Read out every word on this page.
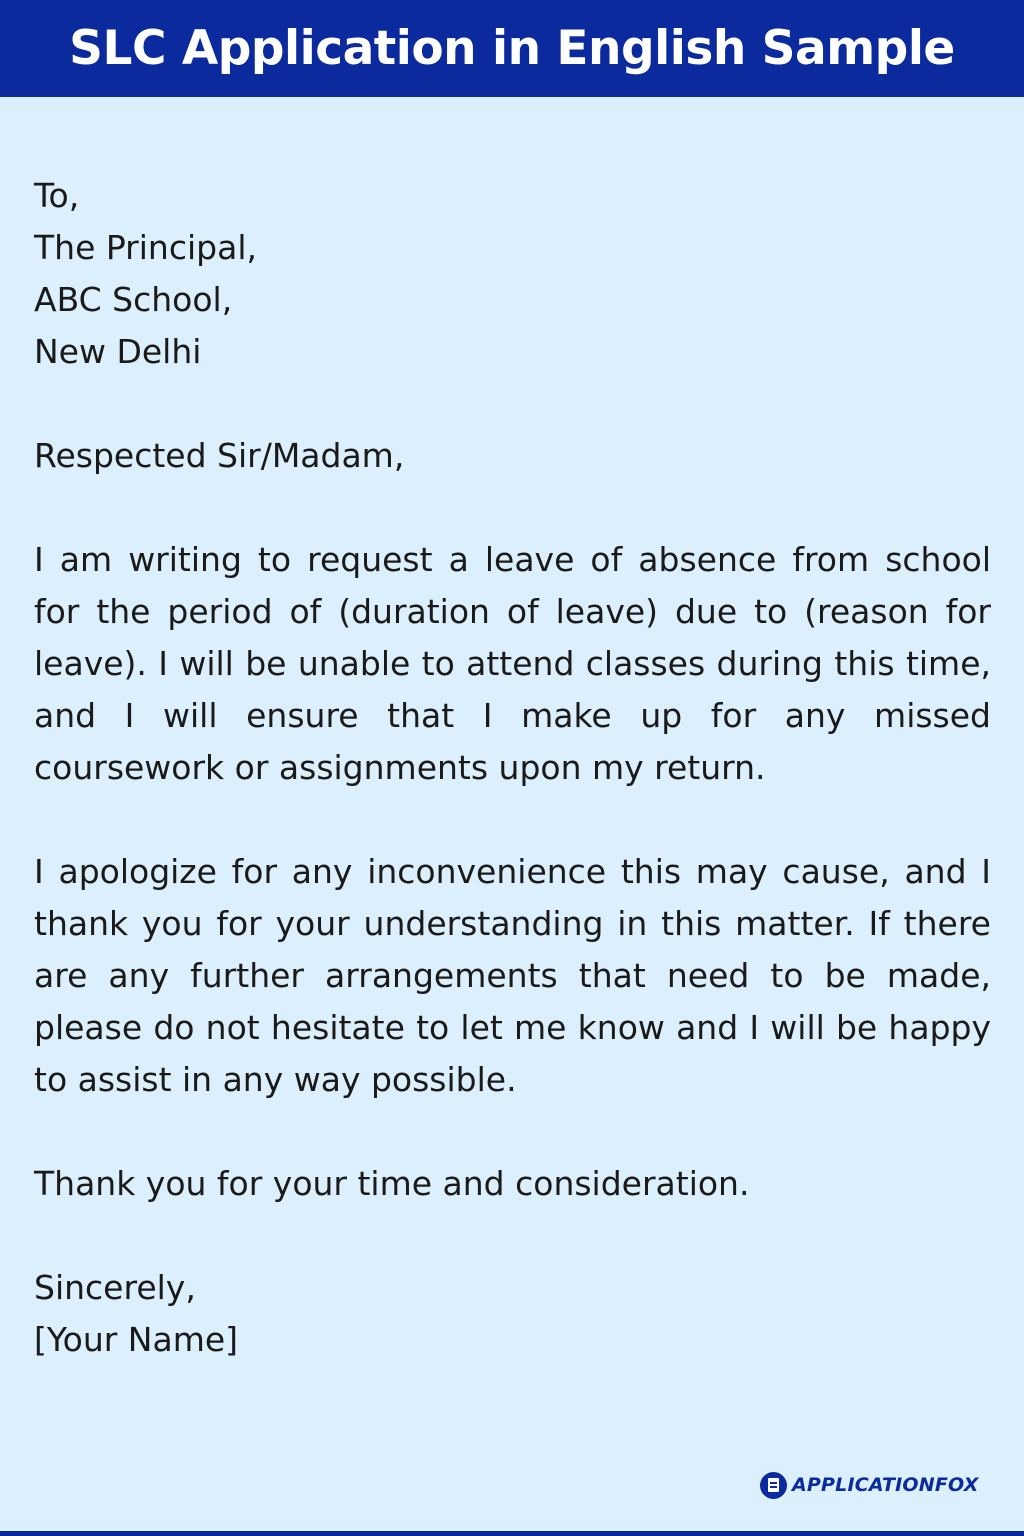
SLC Application in English Sample
To,
The Principal,
ABC School,
New Delhi

Respected Sir/Madam,

I am writing to request a leave of absence from school for the period of (duration of leave) due to (reason for leave). I will be unable to attend classes during this time, and I will ensure that I make up for any missed coursework or assignments upon my return.

I apologize for any inconvenience this may cause, and I thank you for your understanding in this matter. If there are any further arrangements that need to be made, please do not hesitate to let me know and I will be happy to assist in any way possible.

Thank you for your time and consideration.

Sincerely,

[Your Name]

APPLICATIONFOX
